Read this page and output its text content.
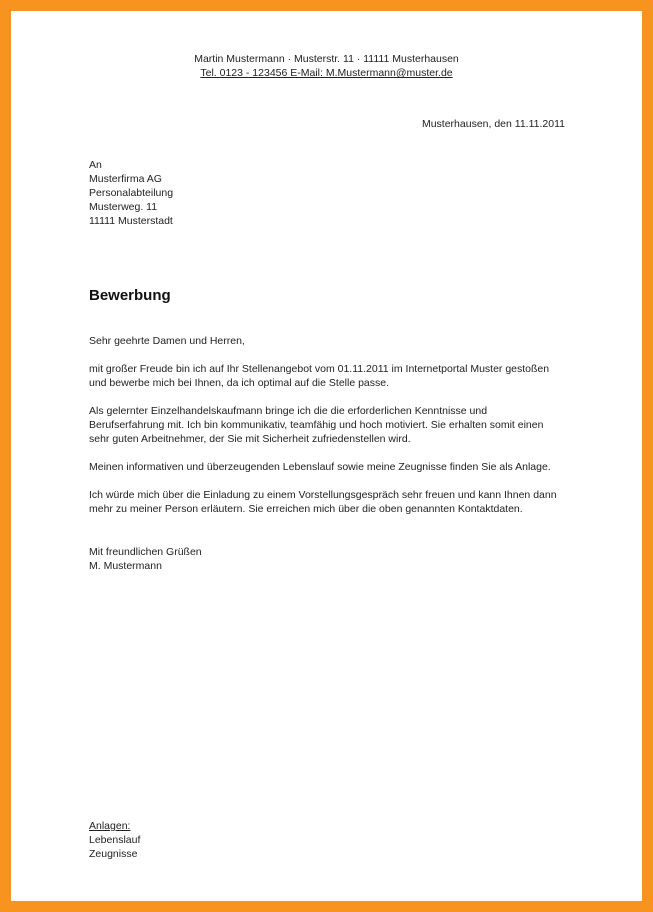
Martin Mustermann · Musterstr. 11 · 11111 Musterhausen
Tel. 0123 - 123456 E-Mail: M.Mustermann@muster.de
Musterhausen, den 11.11.2011
An
Musterfirma AG
Personalabteilung
Musterweg. 11
11111 Musterstadt
Bewerbung
Sehr geehrte Damen und Herren,
mit großer Freude bin ich auf Ihr Stellenangebot vom 01.11.2011 im Internetportal Muster gestoßen
und bewerbe mich bei Ihnen, da ich optimal auf die Stelle passe.
Als gelernter Einzelhandelskaufmann bringe ich die die erforderlichen Kenntnisse und
Berufserfahrung mit. Ich bin kommunikativ, teamfähig und hoch motiviert. Sie erhalten somit einen
sehr guten Arbeitnehmer, der Sie mit Sicherheit zufriedenstellen wird.
Meinen informativen und überzeugenden Lebenslauf sowie meine Zeugnisse finden Sie als Anlage.
Ich würde mich über die Einladung zu einem Vorstellungsgespräch sehr freuen und kann Ihnen dann
mehr zu meiner Person erläutern. Sie erreichen mich über die oben genannten Kontaktdaten.
Mit freundlichen Grüßen
M. Mustermann
Anlagen:
Lebenslauf
Zeugnisse
